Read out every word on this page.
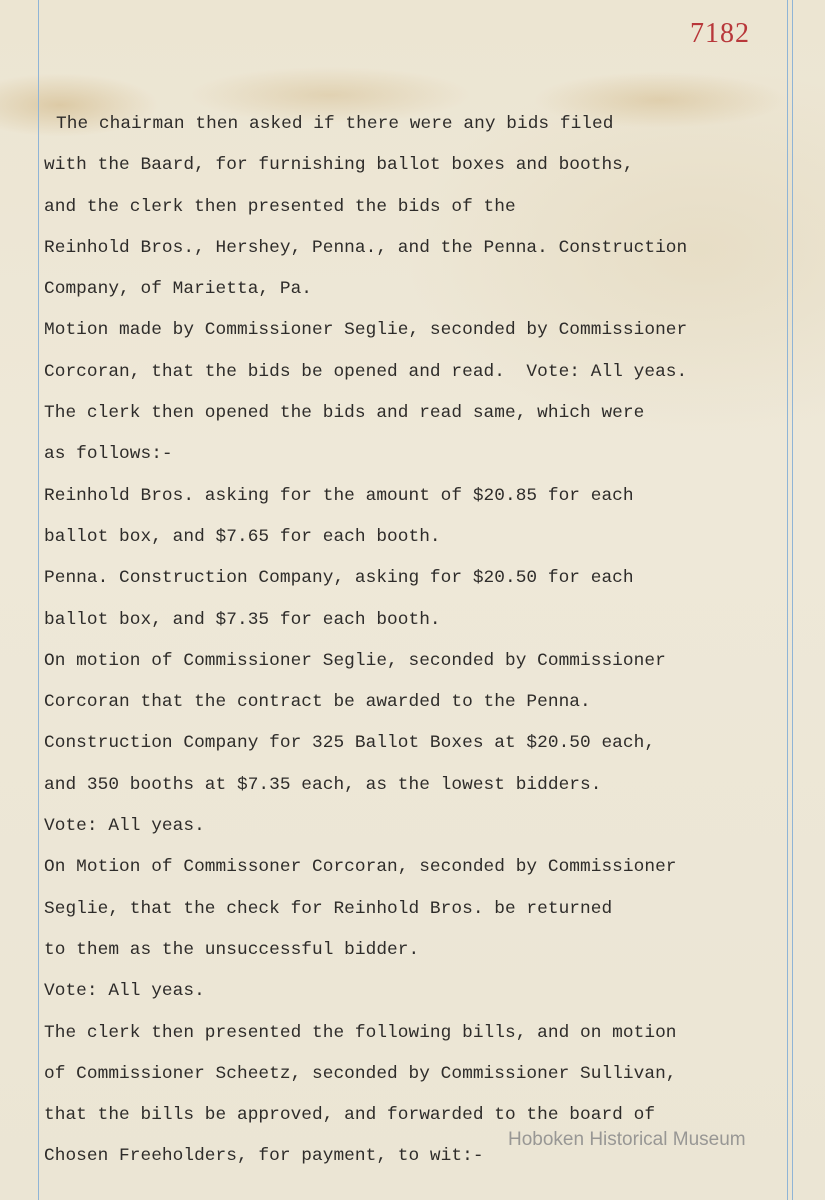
7182
The chairman then asked if there were any bids filed
with the Baard, for furnishing ballot boxes and booths,
and the clerk then presented the bids of the
Reinhold Bros., Hershey, Penna., and the Penna. Construction
Company, of Marietta, Pa.
Motion made by Commissioner Seglie, seconded by Commissioner
Corcoran, that the bids be opened and read.  Vote: All yeas.
The clerk then opened the bids and read same, which were
as follows:-
Reinhold Bros. asking for the amount of $20.85 for each
ballot box, and $7.65 for each booth.
Penna. Construction Company, asking for $20.50 for each
ballot box, and $7.35 for each booth.
On motion of Commissioner Seglie, seconded by Commissioner
Corcoran that the contract be awarded to the Penna.
Construction Company for 325 Ballot Boxes at $20.50 each,
and 350 booths at $7.35 each, as the lowest bidders.
Vote: All yeas.
On Motion of Commissoner Corcoran, seconded by Commissioner
Seglie, that the check for Reinhold Bros. be returned
to them as the unsuccessful bidder.
Vote: All yeas.
The clerk then presented the following bills, and on motion
of Commissioner Scheetz, seconded by Commissioner Sullivan,
that the bills be approved, and forwarded to the board of
Chosen Freeholders, for payment, to wit:-
Hoboken Historical Museum
